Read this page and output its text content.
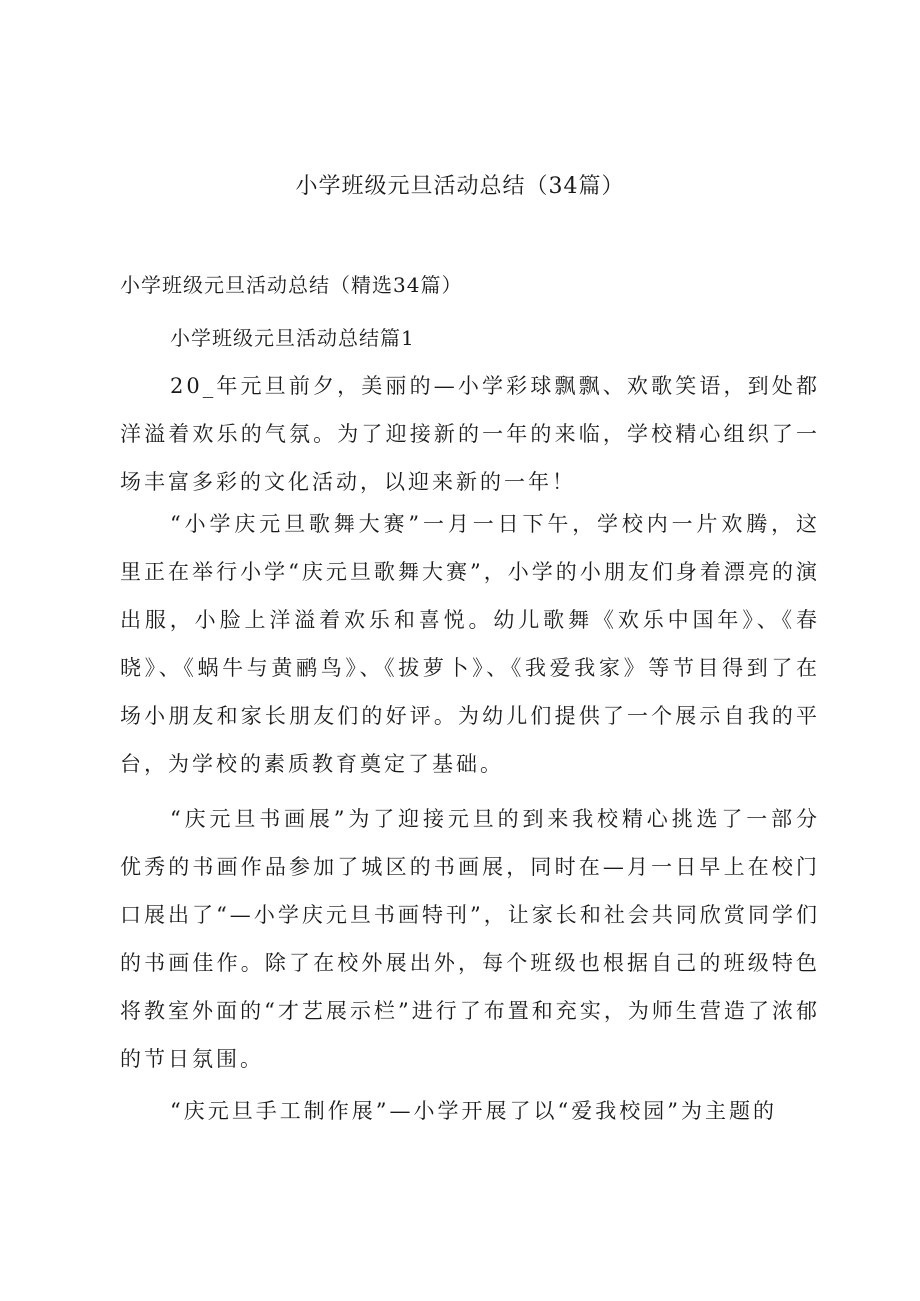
小学班级元旦活动总结（34篇）
小学班级元旦活动总结（精选34篇）
小学班级元旦活动总结篇1

20_年元旦前夕，美丽的—小学彩球飘飘、欢歌笑语，到处都洋溢着欢乐的气氛。为了迎接新的一年的来临，学校精心组织了一场丰富多彩的文化活动，以迎来新的一年！

“小学庆元旦歌舞大赛”一月一日下午，学校内一片欢腾，这里正在举行小学“庆元旦歌舞大赛”，小学的小朋友们身着漂亮的演出服，小脸上洋溢着欢乐和喜悦。幼儿歌舞《欢乐中国年》、《春晓》、《蜗牛与黄鹂鸟》、《拔萝卜》、《我爱我家》等节目得到了在场小朋友和家长朋友们的好评。为幼儿们提供了一个展示自我的平台，为学校的素质教育奠定了基础。

“庆元旦书画展”为了迎接元旦的到来我校精心挑选了一部分优秀的书画作品参加了城区的书画展，同时在—月一日早上在校门口展出了“—小学庆元旦书画特刊”，让家长和社会共同欣赏同学们的书画佳作。除了在校外展出外，每个班级也根据自己的班级特色将教室外面的“才艺展示栏”进行了布置和充实，为师生营造了浓郁的节日氛围。

“庆元旦手工制作展”—小学开展了以“爱我校园”为主题的
